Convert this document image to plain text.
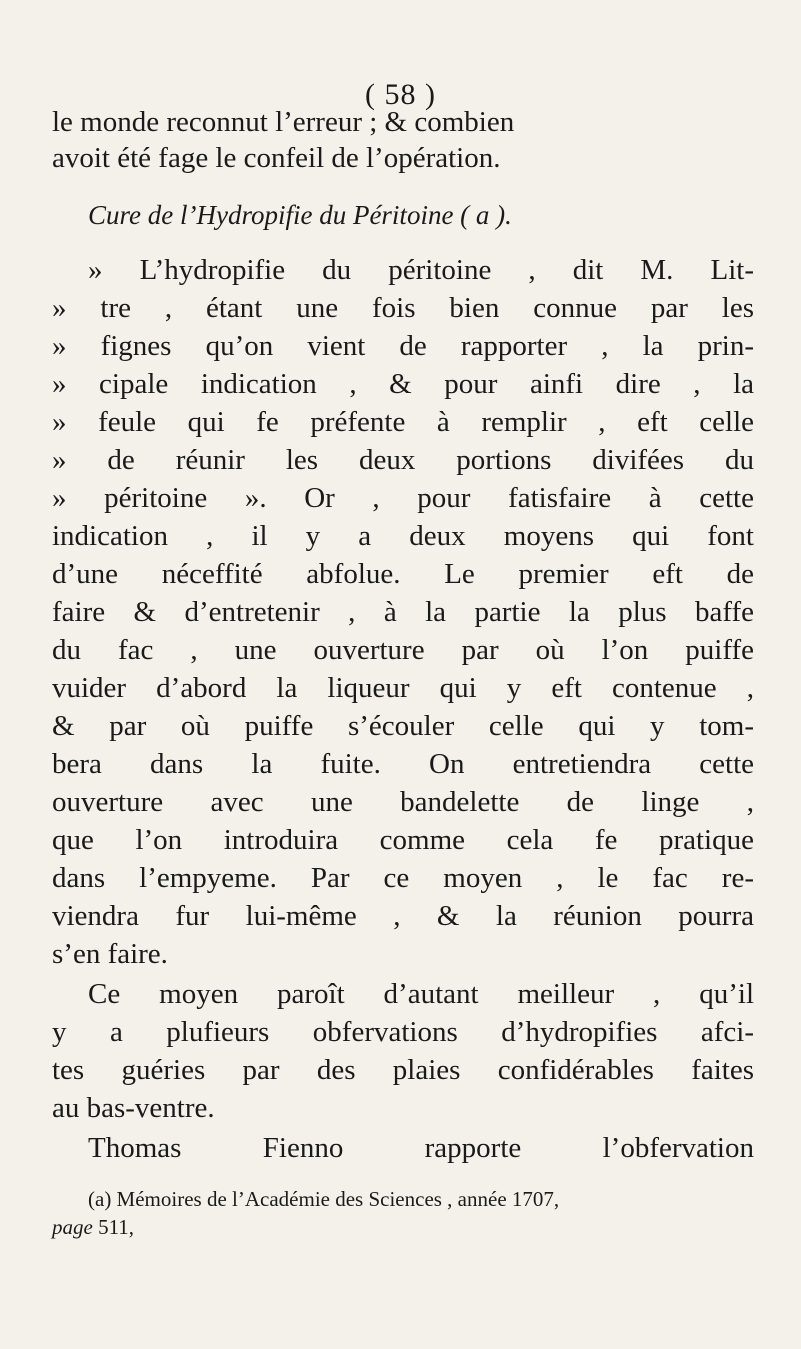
( 58 )
le monde reconnut l’erreur ; & combien
avoit été fage le confeil de l’opération.
Cure de l’Hydropifie du Péritoine ( a ).
» L’hydropifie du péritoine , dit M. Lit-
» tre , étant une fois bien connue par les
» fignes qu’on vient de rapporter , la prin-
» cipale indication , & pour ainfi dire , la
» feule qui fe préfente à remplir , eft celle
» de réunir les deux portions divifées du
» péritoine ». Or , pour fatisfaire à cette
indication , il y a deux moyens qui font
d’une néceffité abfolue. Le premier eft de
faire & d’entretenir , à la partie la plus baffe
du fac , une ouverture par où l’on puiffe
vuider d’abord la liqueur qui y eft contenue ,
& par où puiffe s’écouler celle qui y tom-
bera dans la fuite. On entretiendra cette
ouverture avec une bandelette de linge ,
que l’on introduira comme cela fe pratique
dans l’empyeme. Par ce moyen , le fac re-
viendra fur lui-même , & la réunion pourra
s’en faire.
Ce moyen paroît d’autant meilleur , qu’il
y a plufieurs obfervations d’hydropifies afci-
tes guéries par des plaies confidérables faites
au bas-ventre.
Thomas Fienno rapporte l’obfervation
(a) Mémoires de l’Académie des Sciences , année 1707,
page 511,
